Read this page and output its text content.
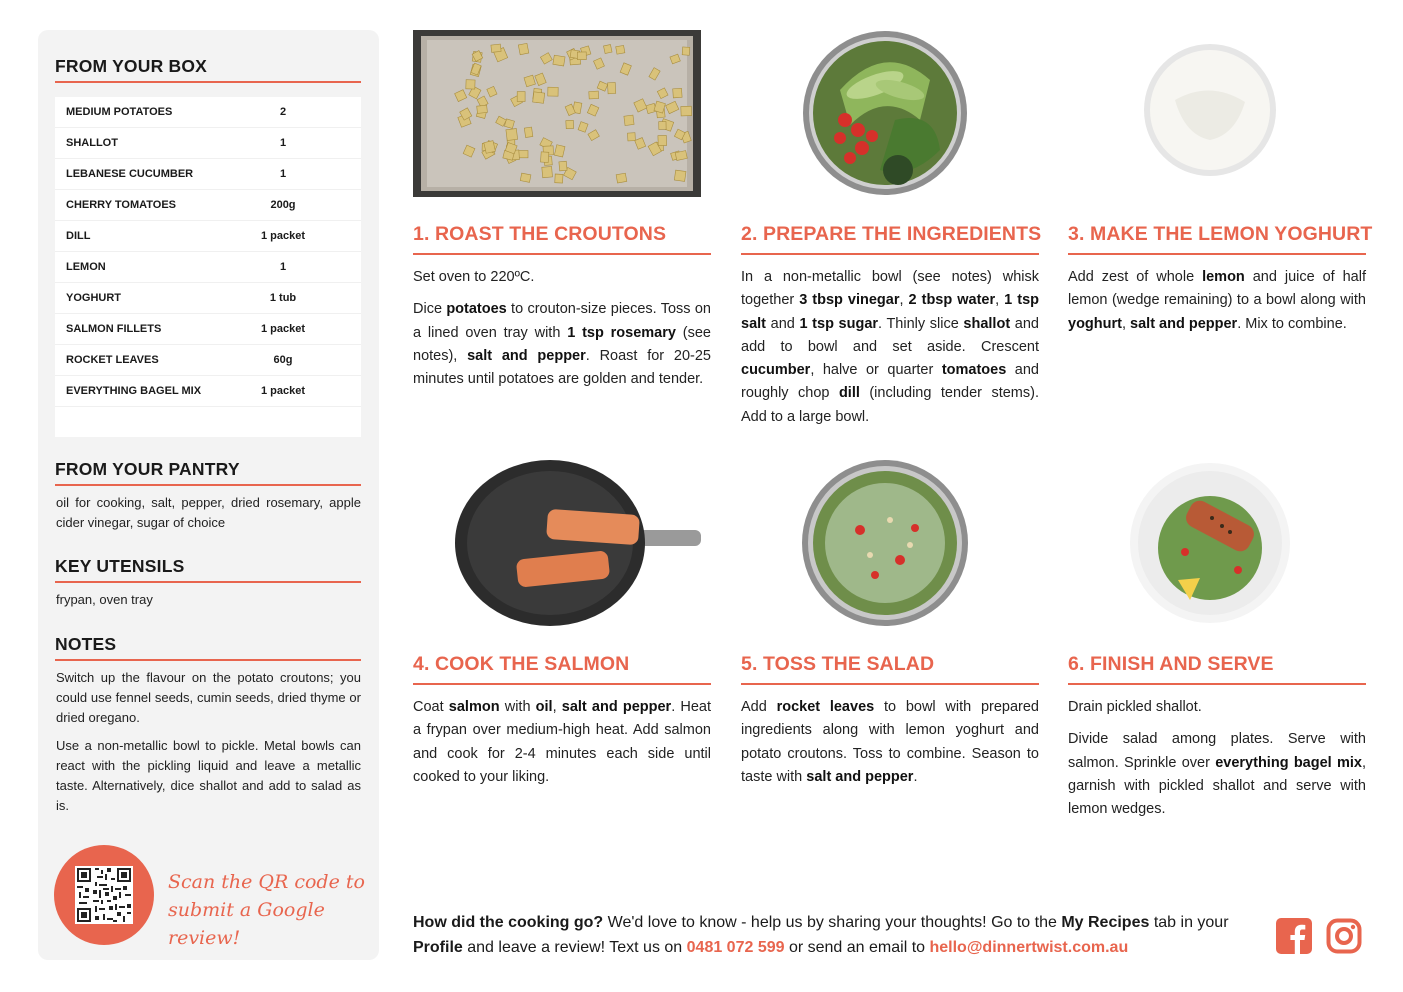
FROM YOUR BOX
MEDIUM POTATOES	2
SHALLOT	1
LEBANESE CUCUMBER	1
CHERRY TOMATOES	200g
DILL	1 packet
LEMON	1
YOGHURT	1 tub
SALMON FILLETS	1 packet
ROCKET LEAVES	60g
EVERYTHING BAGEL MIX	1 packet
FROM YOUR PANTRY
oil for cooking, salt, pepper, dried rosemary, apple cider vinegar, sugar of choice
KEY UTENSILS
frypan, oven tray
NOTES
Switch up the flavour on the potato croutons; you could use fennel seeds, cumin seeds, dried thyme or dried oregano.
Use a non-metallic bowl to pickle. Metal bowls can react with the pickling liquid and leave a metallic taste. Alternatively, dice shallot and add to salad as is.
Scan the QR code to
submit a Google review!
1. ROAST THE CROUTONS

Set oven to 220ºC.

Dice potatoes to crouton-size pieces. Toss on a lined oven tray with 1 tsp rosemary (see notes), salt and pepper. Roast for 20-25 minutes until potatoes are golden and tender.

2. PREPARE THE INGREDIENTS

In a non-metallic bowl (see notes) whisk together 3 tbsp vinegar, 2 tbsp water, 1 tsp salt and 1 tsp sugar. Thinly slice shallot and add to bowl and set aside. Crescent cucumber, halve or quarter tomatoes and roughly chop dill (including tender stems). Add to a large bowl.

3. MAKE THE LEMON YOGHURT

Add zest of whole lemon and juice of half lemon (wedge remaining) to a bowl along with yoghurt, salt and pepper. Mix to combine.

4. COOK THE SALMON

Coat salmon with oil, salt and pepper. Heat a frypan over medium-high heat. Add salmon and cook for 2-4 minutes each side until cooked to your liking.

5. TOSS THE SALAD

Add rocket leaves to bowl with prepared ingredients along with lemon yoghurt and potato croutons. Toss to combine. Season to taste with salt and pepper.

6. FINISH AND SERVE

Drain pickled shallot.

Divide salad among plates. Serve with salmon. Sprinkle over everything bagel mix, garnish with pickled shallot and serve with lemon wedges.

How did the cooking go? We'd love to know - help us by sharing your thoughts! Go to the My Recipes tab in your Profile and leave a review! Text us on 0481 072 599 or send an email to hello@dinnertwist.com.au
